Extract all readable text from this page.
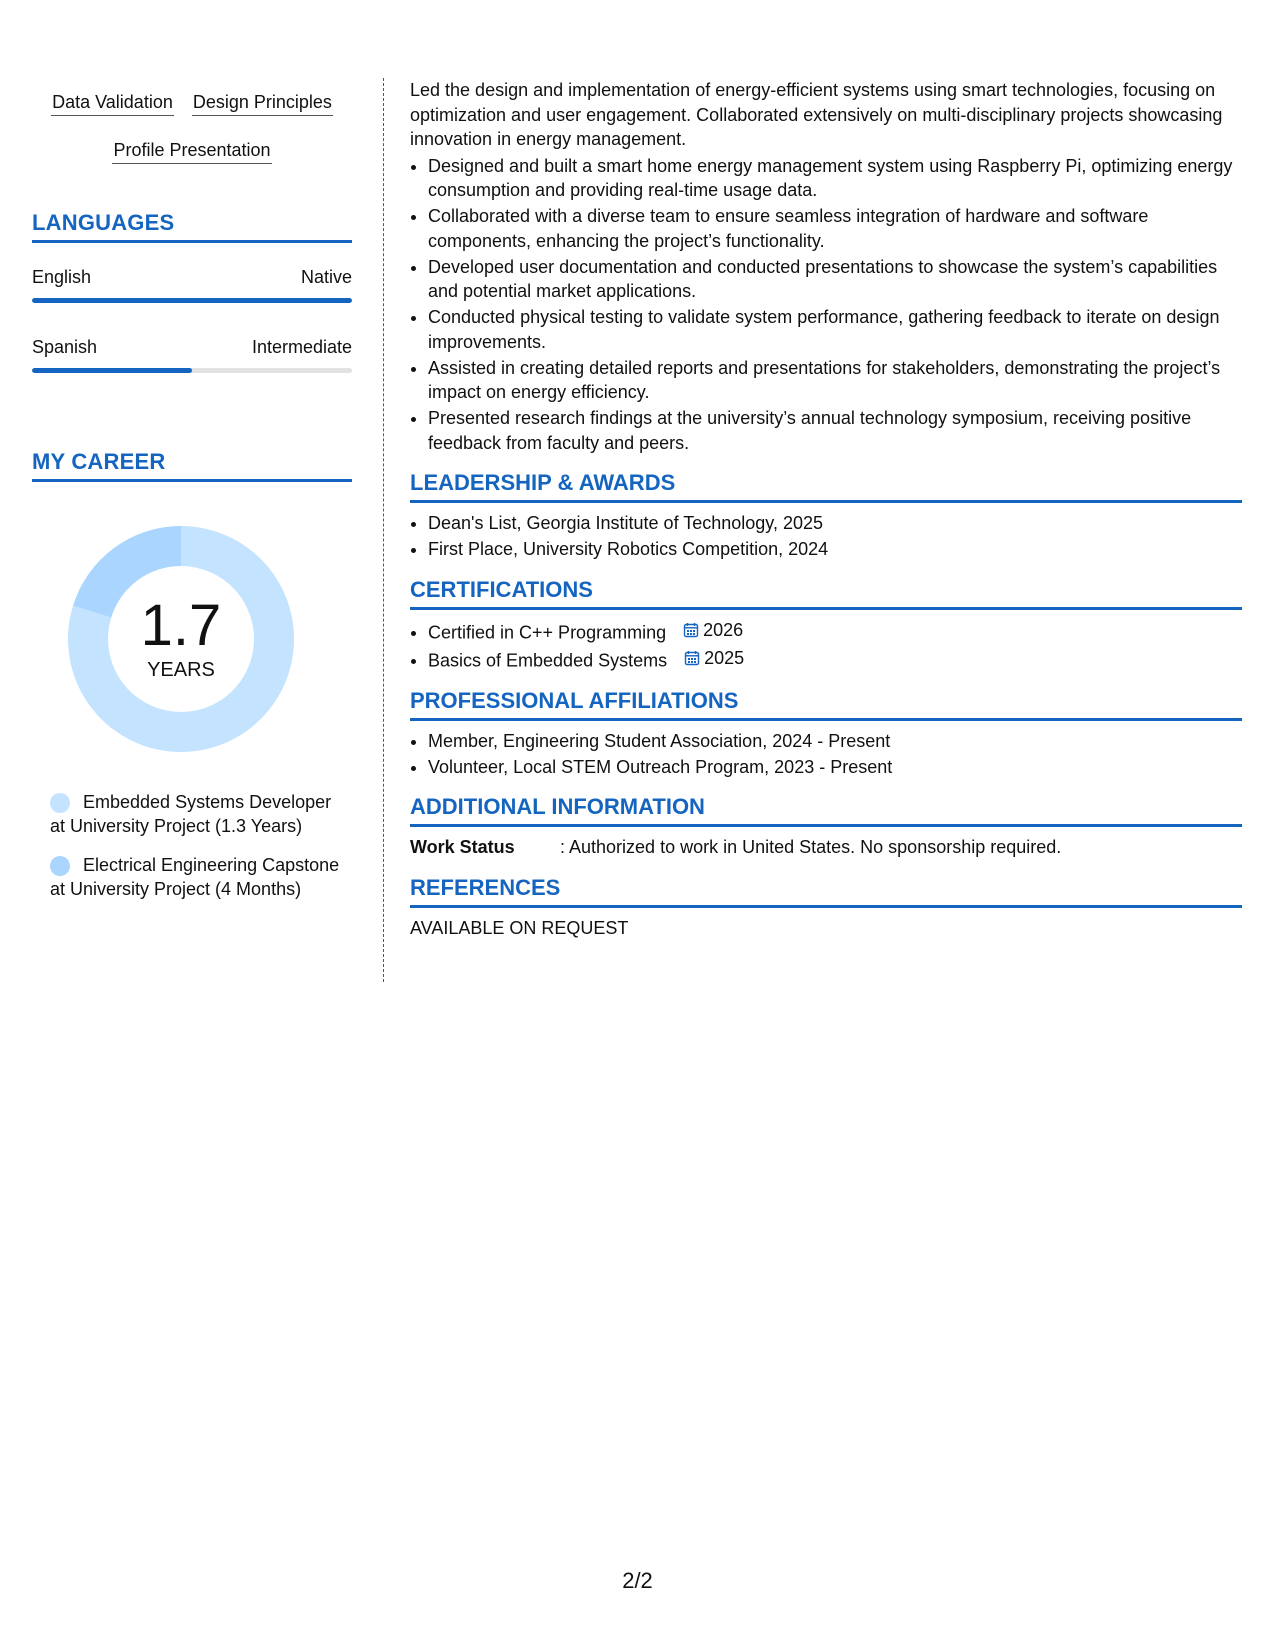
Data Validation Design Principles
Profile Presentation
LANGUAGES
English	Native
Spanish	Intermediate
MY CAREER
1.7
YEARS
Embedded Systems Developer at University Project (1.3 Years)
Electrical Engineering Capstone at University Project (4 Months)

Led the design and implementation of energy-efficient systems using smart technologies, focusing on optimization and user engagement. Collaborated extensively on multi-disciplinary projects showcasing innovation in energy management.

• Designed and built a smart home energy management system using Raspberry Pi, optimizing energy consumption and providing real-time usage data.
• Collaborated with a diverse team to ensure seamless integration of hardware and software components, enhancing the project’s functionality.
• Developed user documentation and conducted presentations to showcase the system’s capabilities and potential market applications.
• Conducted physical testing to validate system performance, gathering feedback to iterate on design improvements.
• Assisted in creating detailed reports and presentations for stakeholders, demonstrating the project’s impact on energy efficiency.
• Presented research findings at the university’s annual technology symposium, receiving positive feedback from faculty and peers.
LEADERSHIP & AWARDS
• Dean's List, Georgia Institute of Technology, 2025
• First Place, University Robotics Competition, 2024
CERTIFICATIONS
• Certified in C++ Programming 2026
• Basics of Embedded Systems 2025
PROFESSIONAL AFFILIATIONS
• Member, Engineering Student Association, 2024 - Present
• Volunteer, Local STEM Outreach Program, 2023 - Present
ADDITIONAL INFORMATION
Work Status	: Authorized to work in United States. No sponsorship required.
REFERENCES
AVAILABLE ON REQUEST
2/2
